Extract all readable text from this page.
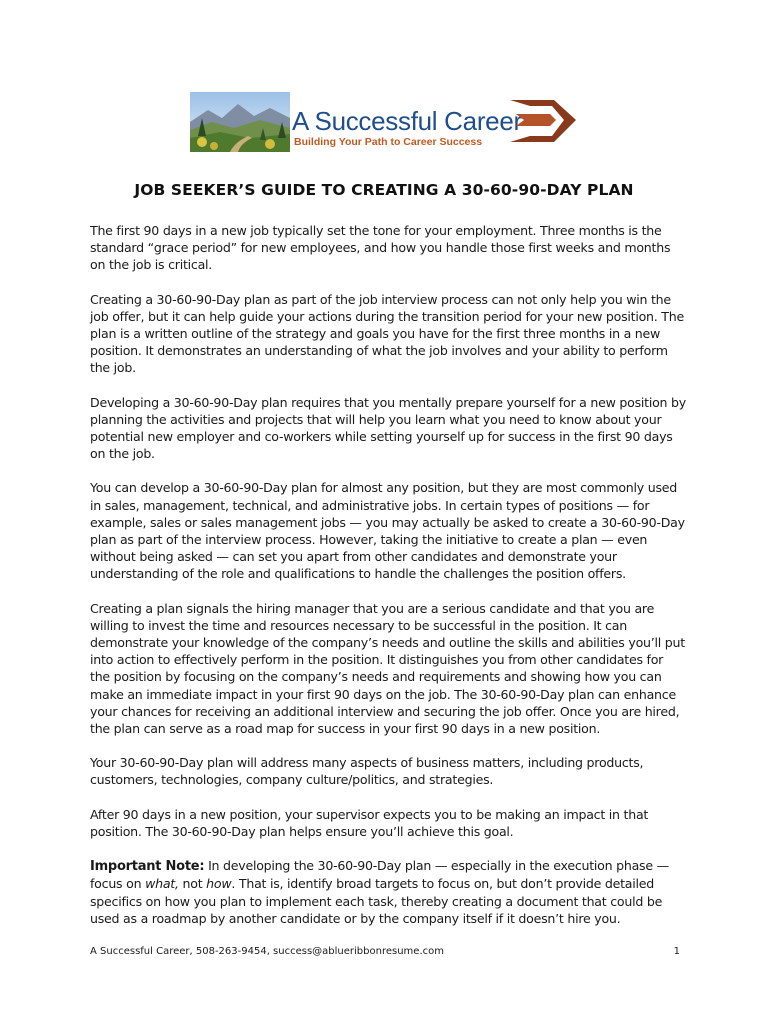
A Successful Career
Building Your Path to Career Success
JOB SEEKER’S GUIDE TO CREATING A 30-60-90-DAY PLAN

The first 90 days in a new job typically set the tone for your employment. Three months is the standard “grace period” for new employees, and how you handle those first weeks and months on the job is critical.

Creating a 30-60-90-Day plan as part of the job interview process can not only help you win the job offer, but it can help guide your actions during the transition period for your new position. The plan is a written outline of the strategy and goals you have for the first three months in a new position. It demonstrates an understanding of what the job involves and your ability to perform the job.

Developing a 30-60-90-Day plan requires that you mentally prepare yourself for a new position by planning the activities and projects that will help you learn what you need to know about your potential new employer and co-workers while setting yourself up for success in the first 90 days on the job.

You can develop a 30-60-90-Day plan for almost any position, but they are most commonly used in sales, management, technical, and administrative jobs. In certain types of positions — for example, sales or sales management jobs — you may actually be asked to create a 30-60-90-Day plan as part of the interview process. However, taking the initiative to create a plan — even without being asked — can set you apart from other candidates and demonstrate your understanding of the role and qualifications to handle the challenges the position offers.

Creating a plan signals the hiring manager that you are a serious candidate and that you are willing to invest the time and resources necessary to be successful in the position. It can demonstrate your knowledge of the company’s needs and outline the skills and abilities you’ll put into action to effectively perform in the position. It distinguishes you from other candidates for the position by focusing on the company’s needs and requirements and showing how you can make an immediate impact in your first 90 days on the job. The 30-60-90-Day plan can enhance your chances for receiving an additional interview and securing the job offer. Once you are hired, the plan can serve as a road map for success in your first 90 days in a new position.

Your 30-60-90-Day plan will address many aspects of business matters, including products, customers, technologies, company culture/politics, and strategies.

After 90 days in a new position, your supervisor expects you to be making an impact in that position. The 30-60-90-Day plan helps ensure you’ll achieve this goal.

Important Note: In developing the 30-60-90-Day plan — especially in the execution phase — focus on what, not how. That is, identify broad targets to focus on, but don’t provide detailed specifics on how you plan to implement each task, thereby creating a document that could be used as a roadmap by another candidate or by the company itself if it doesn’t hire you.

A Successful Career, 508-263-9454, success@ablueribbonresume.com	1
